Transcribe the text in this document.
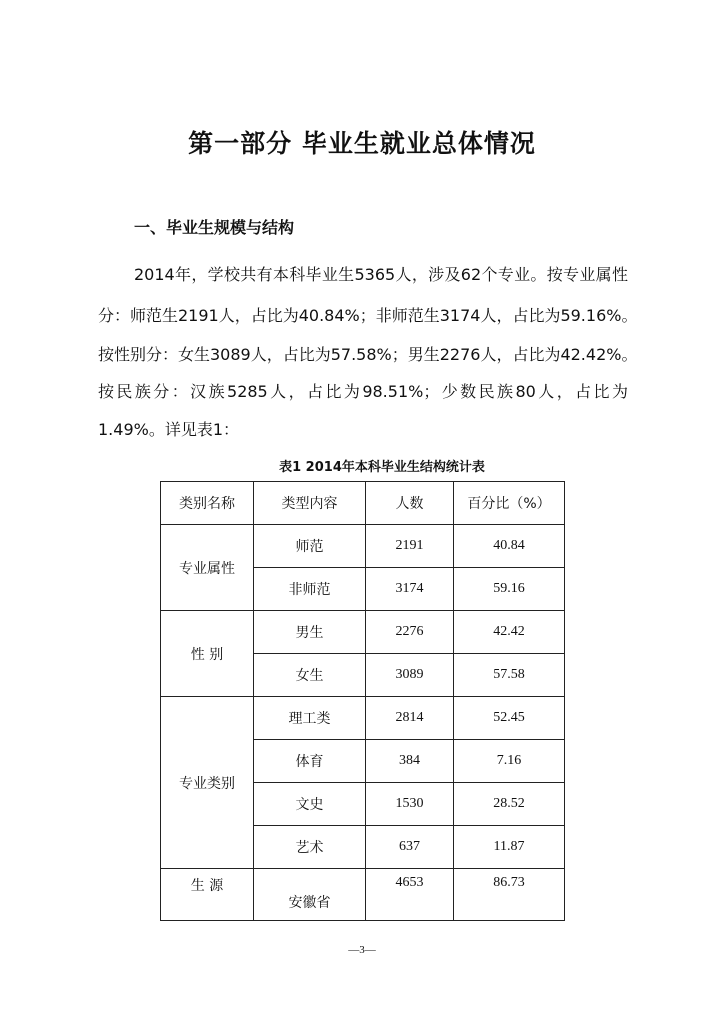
第一部分 毕业生就业总体情况
一、毕业生规模与结构
2014年，学校共有本科毕业生5365人，涉及62个专业。按专业属性
分：师范生2191人，占比为40.84%；非师范生3174人，占比为59.16%。
按性别分：女生3089人，占比为57.58%；男生2276人，占比为42.42%。
按民族分：汉族5285人，占比为98.51%；少数民族80人，占比为
1.49%。详见表1：
表1 2014年本科毕业生结构统计表
类别名称	类型内容	人数	百分比（%）
专业属性	师范	2191	40.84
	非师范	3174	59.16
性 别	男生	2276	42.42
	女生	3089	57.58
专业类别	理工类	2814	52.45
	体育	384	7.16
	文史	1530	28.52
	艺术	637	11.87
生 源	安徽省	4653	86.73
—3—
